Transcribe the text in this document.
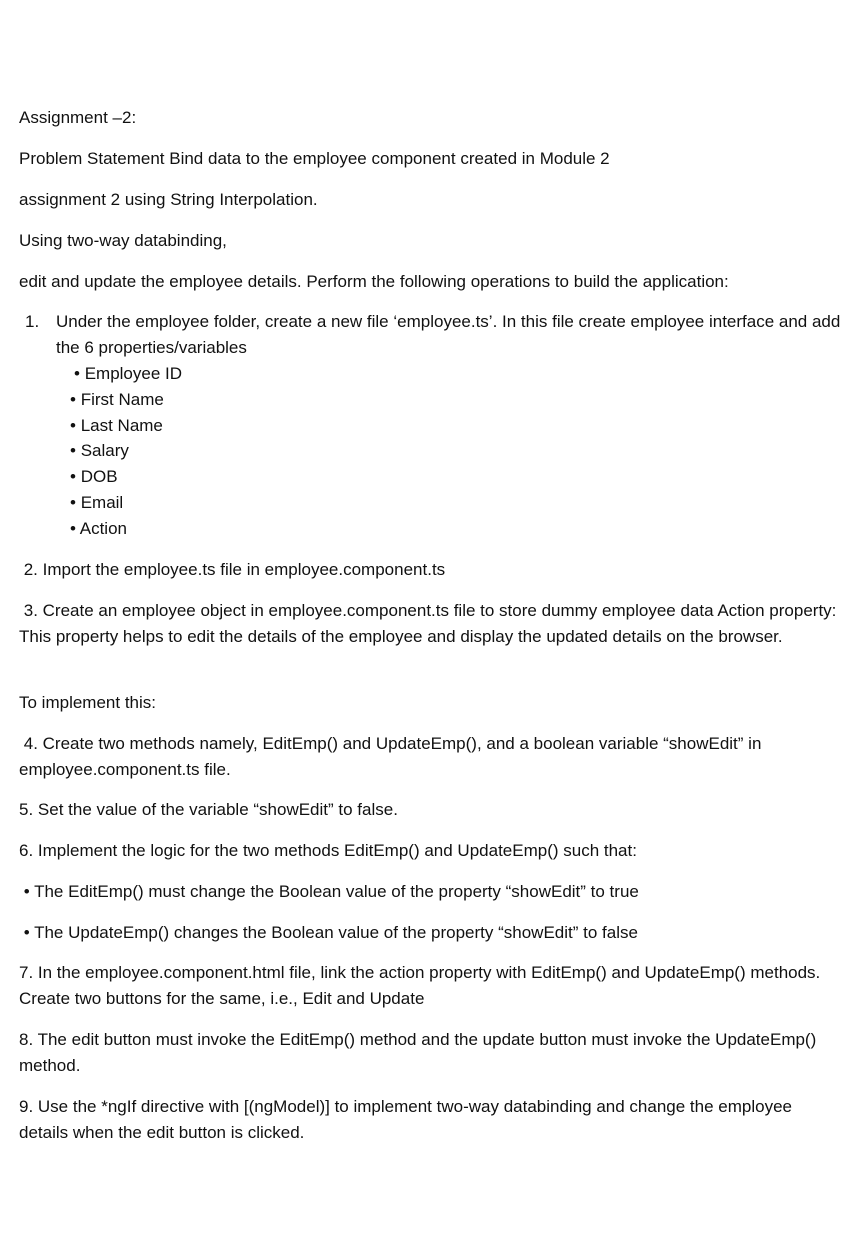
Assignment –2:

Problem Statement Bind data to the employee component created in Module 2

assignment 2 using String Interpolation.

Using two-way databinding,

edit and update the employee details. Perform the following operations to build the application:

1. Under the employee folder, create a new file ‘employee.ts’. In this file create employee interface and add the 6 properties/variables
• Employee ID
• First Name
• Last Name
• Salary
• DOB
• Email
• Action

2. Import the employee.ts file in employee.component.ts

3. Create an employee object in employee.component.ts file to store dummy employee data Action property: This property helps to edit the details of the employee and display the updated details on the browser.

To implement this:

4. Create two methods namely, EditEmp() and UpdateEmp(), and a boolean variable “showEdit” in employee.component.ts file.

5. Set the value of the variable “showEdit” to false.

6. Implement the logic for the two methods EditEmp() and UpdateEmp() such that:

• The EditEmp() must change the Boolean value of the property “showEdit” to true

• The UpdateEmp() changes the Boolean value of the property “showEdit” to false

7. In the employee.component.html file, link the action property with EditEmp() and UpdateEmp() methods. Create two buttons for the same, i.e., Edit and Update

8. The edit button must invoke the EditEmp() method and the update button must invoke the UpdateEmp() method.

9. Use the *ngIf directive with [(ngModel)] to implement two-way databinding and change the employee details when the edit button is clicked.
